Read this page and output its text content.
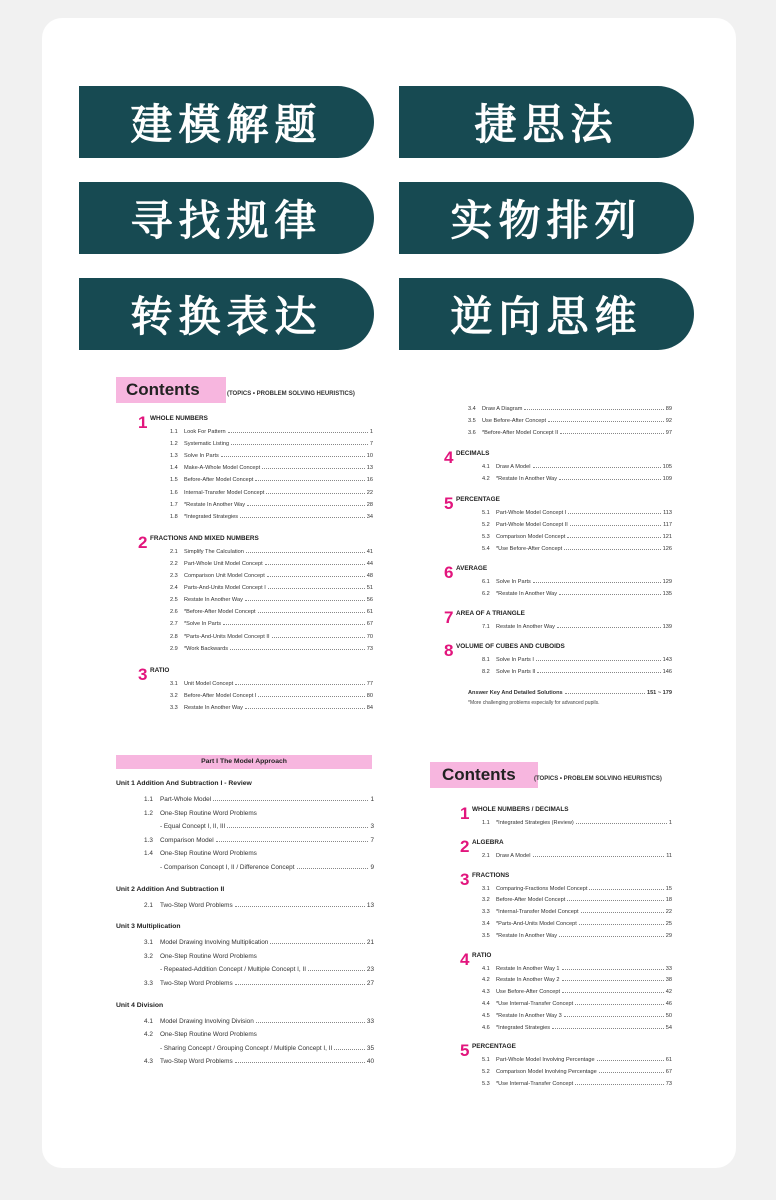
建模解题	捷思法
寻找规律	实物排列
转换表达	逆向思维
Contents	(TOPICS • PROBLEM SOLVING HEURISTICS)
1 WHOLE NUMBERS
1.1	Look For Pattern	1
1.2	Systematic Listing	7
1.3	Solve In Parts	10
1.4	Make-A-Whole Model Concept	13
1.5	Before-After Model Concept	16
1.6	Internal-Transfer Model Concept	22
1.7	*Restate In Another Way	28
1.8	*Integrated Strategies	34
2 FRACTIONS AND MIXED NUMBERS
2.1	Simplify The Calculation	41
2.2	Part-Whole Unit Model Concept	44
2.3	Comparison Unit Model Concept	48
2.4	Parts-And-Units Model Concept I	51
2.5	Restate In Another Way	56
2.6	*Before-After Model Concept	61
2.7	*Solve In Parts	67
2.8	*Parts-And-Units Model Concept II	70
2.9	*Work Backwards	73
3 RATIO
3.1	Unit Model Concept	77
3.2	Before-After Model Concept I	80
3.3	Restate In Another Way	84
3.4	Draw A Diagram	89
3.5	Use Before-After Concept	92
3.6	*Before-After Model Concept II	97
4 DECIMALS
4.1	Draw A Model	105
4.2	*Restate In Another Way	109
5 PERCENTAGE
5.1	Part-Whole Model Concept I	113
5.2	Part-Whole Model Concept II	117
5.3	Comparison Model Concept	121
5.4	*Use Before-After Concept	126
6 AVERAGE
6.1	Solve In Parts	129
6.2	*Restate In Another Way	135
7 AREA OF A TRIANGLE
7.1	Restate In Another Way	139
8 VOLUME OF CUBES AND CUBOIDS
8.1	Solve In Parts I	143
8.2	Solve In Parts II	146
Answer Key And Detailed Solutions	151 ~ 179
*More challenging problems especially for advanced pupils.
Part I The Model Approach
Unit 1 Addition And Subtraction I - Review
1.1	Part-Whole Model	1
1.2	One-Step Routine Word Problems
- Equal Concept I, II, III	3
1.3	Comparison Model	7
1.4	One-Step Routine Word Problems
- Comparison Concept I, II / Difference Concept	9
Unit 2 Addition And Subtraction II
2.1	Two-Step Word Problems	13
Unit 3 Multiplication
3.1	Model Drawing Involving Multiplication	21
3.2	One-Step Routine Word Problems
- Repeated-Addition Concept / Multiple Concept I, II	23
3.3	Two-Step Word Problems	27
Unit 4 Division
4.1	Model Drawing Involving Division	33
4.2	One-Step Routine Word Problems
- Sharing Concept / Grouping Concept / Multiple Concept I, II	35
4.3	Two-Step Word Problems	40
Contents	(TOPICS • PROBLEM SOLVING HEURISTICS)
1 WHOLE NUMBERS / DECIMALS
1.1	*Integrated Strategies (Review)	1
2 ALGEBRA
2.1	Draw A Model	11
3 FRACTIONS
3.1	Comparing-Fractions Model Concept	15
3.2	Before-After Model Concept	18
3.3	*Internal-Transfer Model Concept	22
3.4	*Parts-And-Units Model Concept	25
3.5	*Restate In Another Way	29
4 RATIO
4.1	Restate In Another Way 1	33
4.2	Restate In Another Way 2	38
4.3	Use Before-After Concept	42
4.4	*Use Internal-Transfer Concept	46
4.5	*Restate In Another Way 3	50
4.6	*Integrated Strategies	54
5 PERCENTAGE
5.1	Part-Whole Model Involving Percentage	61
5.2	Comparison Model Involving Percentage	67
5.3	*Use Internal-Transfer Concept	73
